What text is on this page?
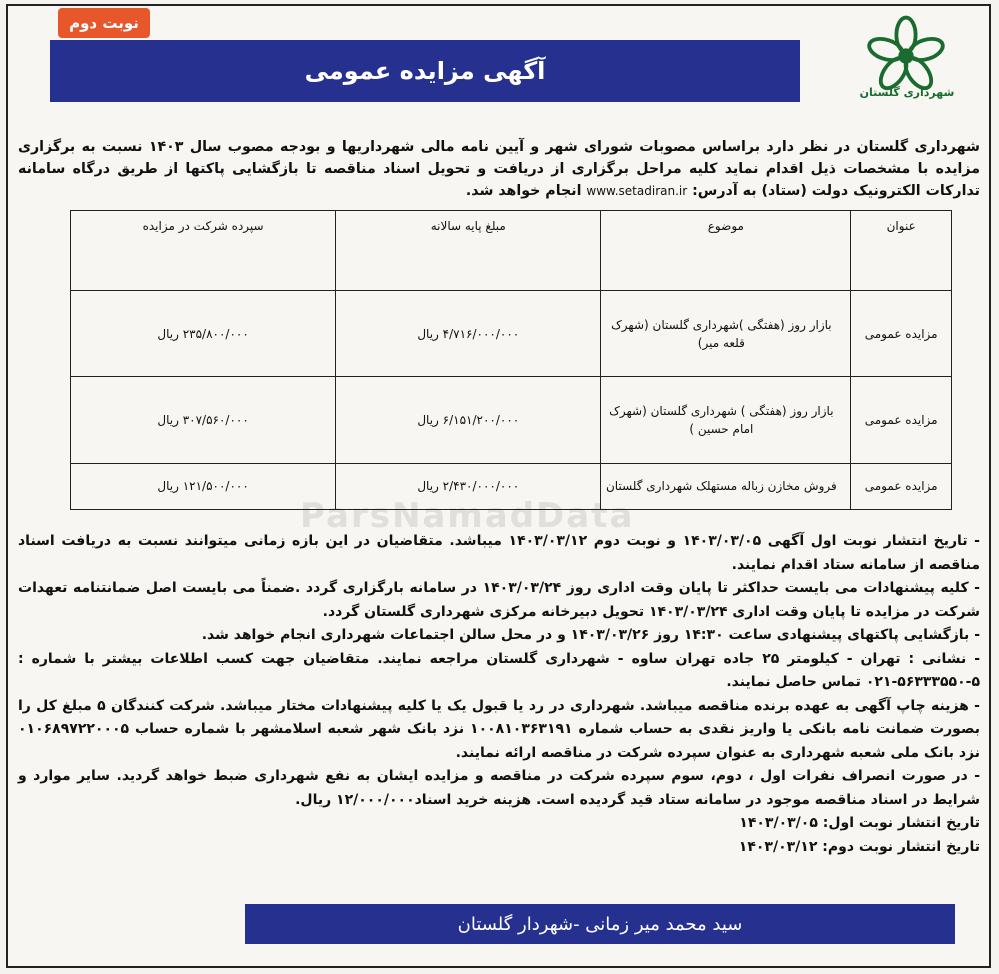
نوبت دوم
آگهی مزایده عمومی
شهرداری گلستان
شهرداری گلستان در نظر دارد براساس مصوبات شورای شهر و آیین نامه مالی شهرداریها و بودجه مصوب سال ۱۴۰۳ نسبت به برگزاری مزایده با مشخصات ذیل اقدام نماید کلیه مراحل برگزاری از دریافت و تحویل اسناد مناقصه تا بازگشایی پاکتها از طریق درگاه سامانه تدارکات الکترونیک دولت (ستاد) به آدرس: www.setadiran.ir انجام خواهد شد.
عنوان	موضوع	مبلغ پایه سالانه	سپرده شرکت در مزایده
مزایده عمومی	بازار روز (هفتگی )شهرداری گلستان (شهرک قلعه میر)	۴/۷۱۶/۰۰۰/۰۰۰ ریال	۲۳۵/۸۰۰/۰۰۰ ریال
مزایده عمومی	بازار روز (هفتگی ) شهرداری گلستان (شهرک امام حسین )	۶/۱۵۱/۲۰۰/۰۰۰ ریال	۳۰۷/۵۶۰/۰۰۰ ریال
مزایده عمومی	فروش مخازن زباله مستهلک شهرداری گلستان	۲/۴۳۰/۰۰۰/۰۰۰ ریال	۱۲۱/۵۰۰/۰۰۰ ریال

- تاریخ انتشار نوبت اول آگهی ۱۴۰۳/۰۳/۰۵ و نوبت دوم ۱۴۰۳/۰۳/۱۲ میباشد. متقاضیان در این بازه زمانی میتوانند نسبت به دریافت اسناد مناقصه از سامانه ستاد اقدام نمایند.

- کلیه پیشنهادات می بایست حداکثر تا پایان وقت اداری روز ۱۴۰۳/۰۳/۲۴ در سامانه بارگزاری گردد .ضمناً می بایست اصل ضمانتنامه تعهدات شرکت در مزایده تا پایان وقت اداری ۱۴۰۳/۰۳/۲۴ تحویل دبیرخانه مرکزی شهرداری گلستان گردد.

- بازگشایی پاکتهای پیشنهادی ساعت ۱۴:۳۰ روز ۱۴۰۳/۰۳/۲۶ و در محل سالن اجتماعات شهرداری انجام خواهد شد.

- نشانی : تهران - کیلومتر ۲۵ جاده تهران ساوه - شهرداری گلستان مراجعه نمایند. متقاضیان جهت کسب اطلاعات بیشتر با شماره : ۵-۵۶۳۳۳۵۵۰-۰۲۱ تماس حاصل نمایند.

- هزینه چاپ آگهی به عهده برنده مناقصه میباشد. شهرداری در رد یا قبول یک یا کلیه پیشنهادات مختار میباشد. شرکت کنندگان ۵ مبلغ کل را بصورت ضمانت نامه بانکی یا واریز نقدی به حساب شماره ۱۰۰۸۱۰۳۶۳۱۹۱ نزد بانک شهر شعبه اسلامشهر با شماره حساب ۰۱۰۶۸۹۷۲۲۰۰۰۵ نزد بانک ملی شعبه شهرداری به عنوان سپرده شرکت در مناقصه ارائه نمایند.

- در صورت انصراف نفرات اول ، دوم، سوم سپرده شرکت در مناقصه و مزایده ایشان به نفع شهرداری ضبط خواهد گردید. سایر موارد و شرایط در اسناد مناقصه موجود در سامانه ستاد قید گردیده است. هزینه خرید اسناد۱۲/۰۰۰/۰۰۰ ریال.

تاریخ انتشار نوبت اول: ۱۴۰۳/۰۳/۰۵

تاریخ انتشار نوبت دوم: ۱۴۰۳/۰۳/۱۲

سید محمد میر زمانی -شهردار گلستان
